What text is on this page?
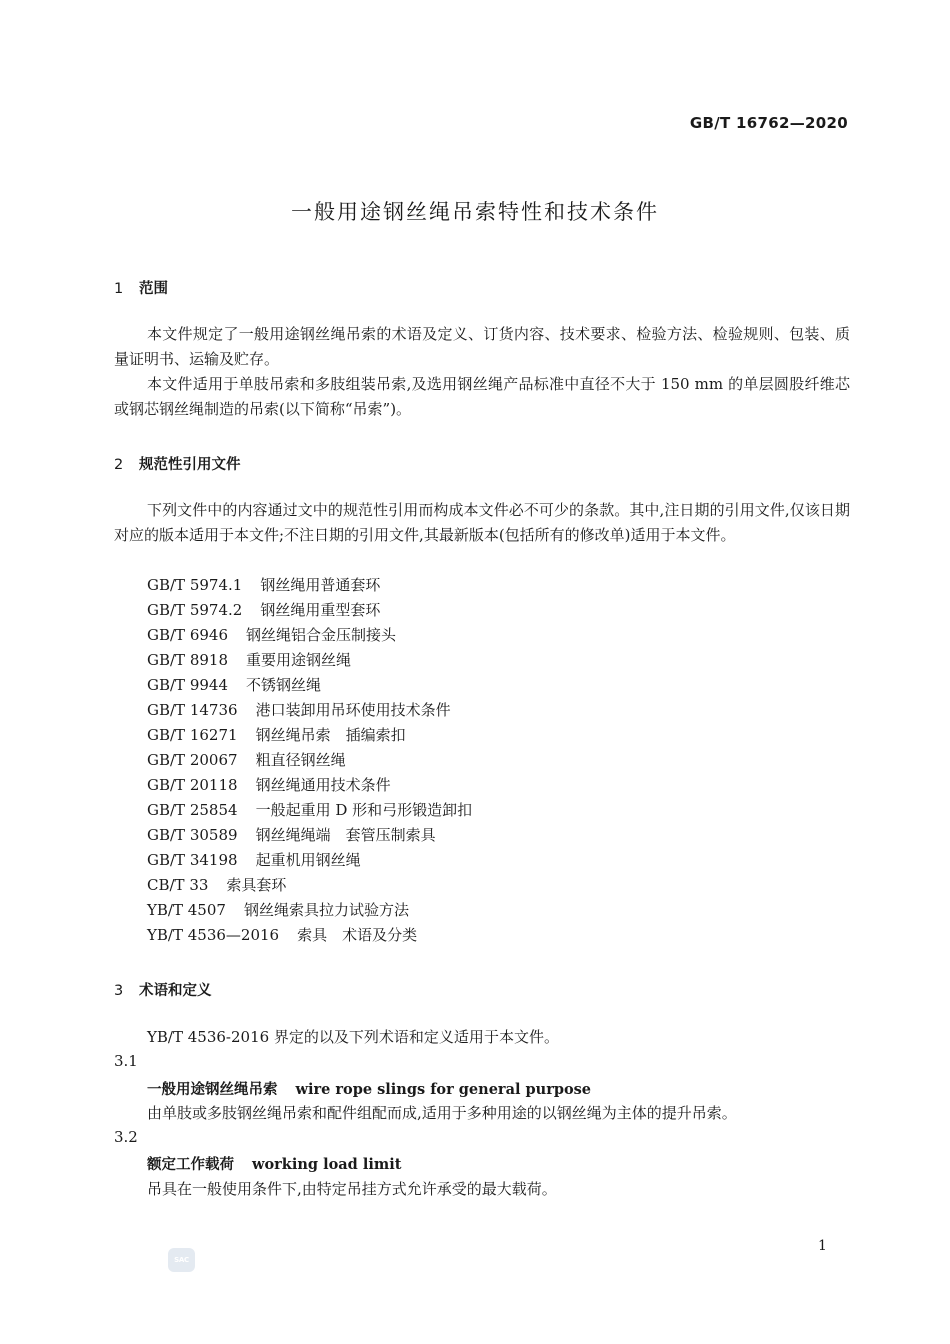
GB/T 16762—2020
一般用途钢丝绳吊索特性和技术条件
1 范围

本文件规定了一般用途钢丝绳吊索的术语及定义、订货内容、技术要求、检验方法、检验规则、包装、质量证明书、运输及贮存。

本文件适用于单肢吊索和多肢组装吊索,及选用钢丝绳产品标准中直径不大于 150 mm 的单层圆股纤维芯或钢芯钢丝绳制造的吊索(以下简称“吊索”)。

2 规范性引用文件

下列文件中的内容通过文中的规范性引用而构成本文件必不可少的条款。其中,注日期的引用文件,仅该日期对应的版本适用于本文件;不注日期的引用文件,其最新版本(包括所有的修改单)适用于本文件。

GB/T 5974.1 钢丝绳用普通套环
GB/T 5974.2 钢丝绳用重型套环
GB/T 6946 钢丝绳铝合金压制接头
GB/T 8918 重要用途钢丝绳
GB/T 9944 不锈钢丝绳
GB/T 14736 港口装卸用吊环使用技术条件
GB/T 16271 钢丝绳吊索　插编索扣
GB/T 20067 粗直径钢丝绳
GB/T 20118 钢丝绳通用技术条件
GB/T 25854 一般起重用 D 形和弓形锻造卸扣
GB/T 30589 钢丝绳绳端　套管压制索具
GB/T 34198 起重机用钢丝绳
CB/T 33 索具套环
YB/T 4507 钢丝绳索具拉力试验方法
YB/T 4536—2016 索具　术语及分类
3 术语和定义

YB/T 4536-2016 界定的以及下列术语和定义适用于本文件。

3.1
一般用途钢丝绳吊索 wire rope slings for general purpose
由单肢或多肢钢丝绳吊索和配件组配而成,适用于多种用途的以钢丝绳为主体的提升吊索。
3.2
额定工作载荷 working load limit
吊具在一般使用条件下,由特定吊挂方式允许承受的最大载荷。
1
SAC
